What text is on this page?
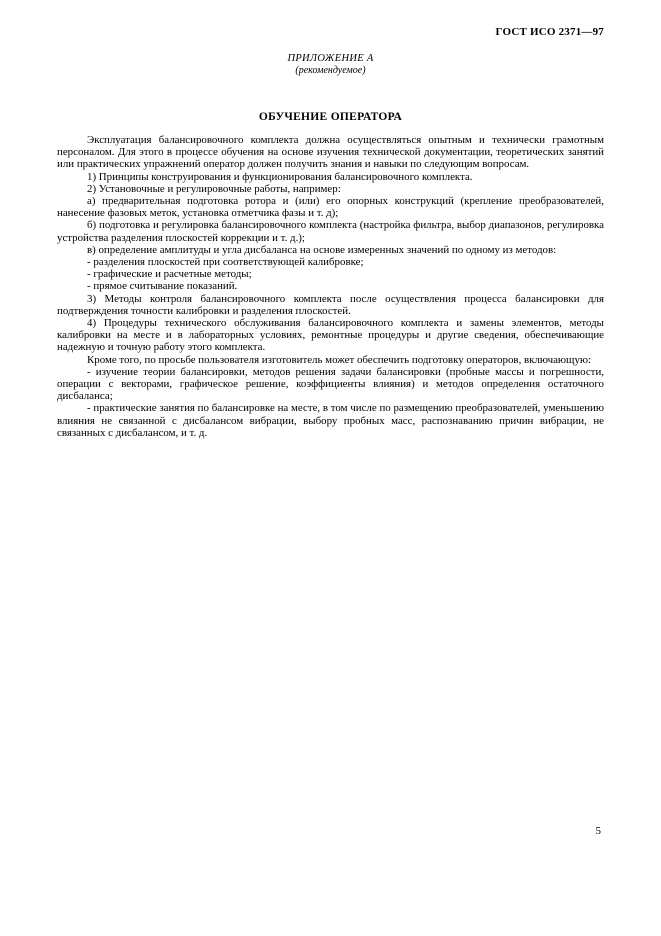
ГОСТ ИСО 2371—97
ПРИЛОЖЕНИЕ А
(рекомендуемое)
ОБУЧЕНИЕ ОПЕРАТОРА

Эксплуатация балансировочного комплекта должна осуществляться опытным и технически грамотным персоналом. Для этого в процессе обучения на основе изучения технической документации, теоретических занятий или практических упражнений оператор должен получить знания и навыки по следующим вопросам.

1) Принципы конструирования и функционирования балансировочного комплекта.

2) Установочные и регулировочные работы, например:

а) предварительная подготовка ротора и (или) его опорных конструкций (крепление преобразователей, нанесение фазовых меток, установка отметчика фазы и т. д);

б) подготовка и регулировка балансировочного комплекта (настройка фильтра, выбор диапазонов, регулировка устройства разделения плоскостей коррекции и т. д.);

в) определение амплитуды и угла дисбаланса на основе измеренных значений по одному из методов:

- разделения плоскостей при соответствующей калибровке;

- графические и расчетные методы;

- прямое считывание показаний.

3) Методы контроля балансировочного комплекта после осуществления процесса балансировки для подтверждения точности калибровки и разделения плоскостей.

4) Процедуры технического обслуживания балансировочного комплекта и замены элементов, методы калибровки на месте и в лабораторных условиях, ремонтные процедуры и другие сведения, обеспечивающие надежную и точную работу этого комплекта.

Кроме того, по просьбе пользователя изготовитель может обеспечить подготовку операторов, включающую:

- изучение теории балансировки, методов решения задачи балансировки (пробные массы и погрешности, операции с векторами, графическое решение, коэффициенты влияния) и методов определения остаточного дисбаланса;

- практические занятия по балансировке на месте, в том числе по размещению преобразователей, уменьшению влияния не связанной с дисбалансом вибрации, выбору пробных масс, распознаванию причин вибрации, не связанных с дисбалансом, и т. д.

5
